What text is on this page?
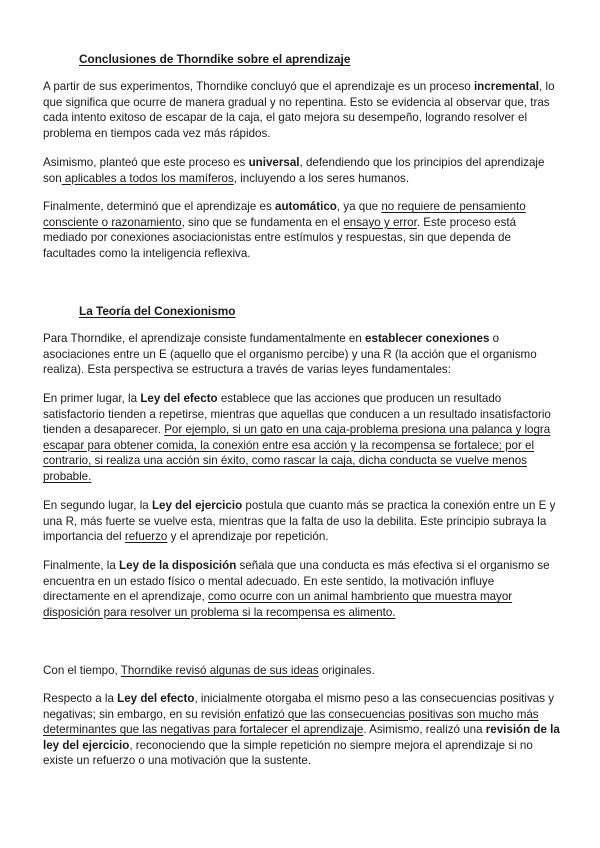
Conclusiones de Thorndike sobre el aprendizaje

A partir de sus experimentos, Thorndike concluyó que el aprendizaje es un proceso incremental, lo que significa que ocurre de manera gradual y no repentina. Esto se evidencia al observar que, tras cada intento exitoso de escapar de la caja, el gato mejora su desempeño, logrando resolver el problema en tiempos cada vez más rápidos.

Asimismo, planteó que este proceso es universal, defendiendo que los principios del aprendizaje son aplicables a todos los mamíferos, incluyendo a los seres humanos.

Finalmente, determinó que el aprendizaje es automático, ya que no requiere de pensamiento consciente o razonamiento, sino que se fundamenta en el ensayo y error. Este proceso está mediado por conexiones asociacionistas entre estímulos y respuestas, sin que dependa de facultades como la inteligencia reflexiva.

La Teoría del Conexionismo

Para Thorndike, el aprendizaje consiste fundamentalmente en establecer conexiones o asociaciones entre un E (aquello que el organismo percibe) y una R (la acción que el organismo realiza). Esta perspectiva se estructura a través de varias leyes fundamentales:

En primer lugar, la Ley del efecto establece que las acciones que producen un resultado satisfactorio tienden a repetirse, mientras que aquellas que conducen a un resultado insatisfactorio tienden a desaparecer. Por ejemplo, si un gato en una caja-problema presiona una palanca y logra escapar para obtener comida, la conexión entre esa acción y la recompensa se fortalece; por el contrario, si realiza una acción sin éxito, como rascar la caja, dicha conducta se vuelve menos probable.

En segundo lugar, la Ley del ejercicio postula que cuanto más se practica la conexión entre un E y una R, más fuerte se vuelve esta, mientras que la falta de uso la debilita. Este principio subraya la importancia del refuerzo y el aprendizaje por repetición.

Finalmente, la Ley de la disposición señala que una conducta es más efectiva si el organismo se encuentra en un estado físico o mental adecuado. En este sentido, la motivación influye directamente en el aprendizaje, como ocurre con un animal hambriento que muestra mayor disposición para resolver un problema si la recompensa es alimento.

Con el tiempo, Thorndike revisó algunas de sus ideas originales.

Respecto a la Ley del efecto, inicialmente otorgaba el mismo peso a las consecuencias positivas y negativas; sin embargo, en su revisión enfatizó que las consecuencias positivas son mucho más determinantes que las negativas para fortalecer el aprendizaje. Asimismo, realizó una revisión de la ley del ejercicio, reconociendo que la simple repetición no siempre mejora el aprendizaje si no existe un refuerzo o una motivación que la sustente.
